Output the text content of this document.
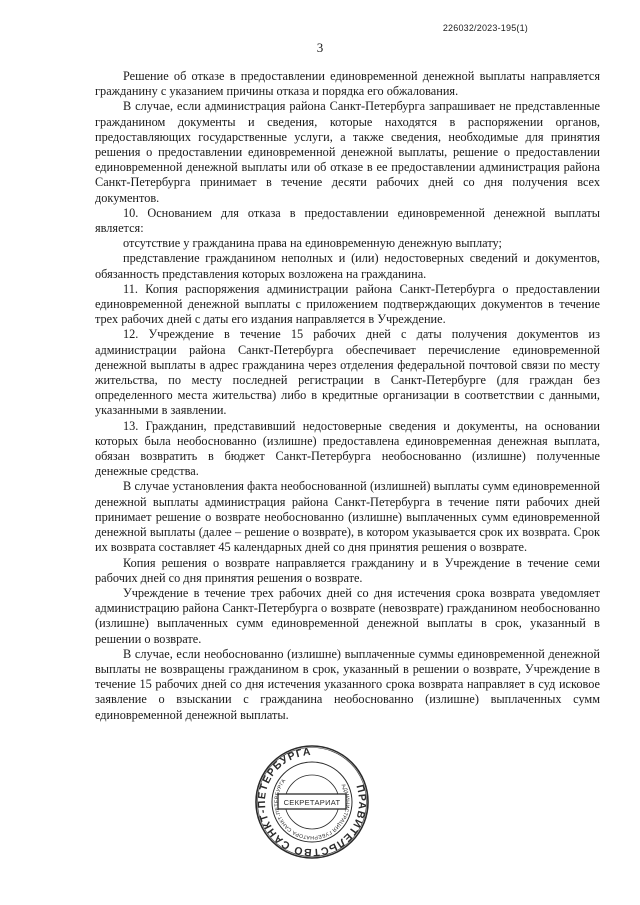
226032/2023-195(1)
3

Решение об отказе в предоставлении единовременной денежной выплаты направляется гражданину с указанием причины отказа и порядка его обжалования.

В случае, если администрация района Санкт-Петербурга запрашивает не представленные гражданином документы и сведения, которые находятся в распоряжении органов, предоставляющих государственные услуги, а также сведения, необходимые для принятия решения о предоставлении единовременной денежной выплаты, решение о предоставлении единовременной денежной выплаты или об отказе в ее предоставлении администрация района Санкт-Петербурга принимает в течение десяти рабочих дней со дня получения всех документов.

10. Основанием для отказа в предоставлении единовременной денежной выплаты является:

отсутствие у гражданина права на единовременную денежную выплату;

представление гражданином неполных и (или) недостоверных сведений и документов, обязанность представления которых возложена на гражданина.

11. Копия распоряжения администрации района Санкт-Петербурга о предоставлении единовременной денежной выплаты с приложением подтверждающих документов в течение трех рабочих дней с даты его издания направляется в Учреждение.

12. Учреждение в течение 15 рабочих дней с даты получения документов из администрации района Санкт-Петербурга обеспечивает перечисление единовременной денежной выплаты в адрес гражданина через отделения федеральной почтовой связи по месту жительства, по месту последней регистрации в Санкт-Петербурге (для граждан без определенного места жительства) либо в кредитные организации в соответствии с данными, указанными в заявлении.

13. Гражданин, представивший недостоверные сведения и документы, на основании которых была необоснованно (излишне) предоставлена единовременная денежная выплата, обязан возвратить в бюджет Санкт-Петербурга необоснованно (излишне) полученные денежные средства.

В случае установления факта необоснованной (излишней) выплаты сумм единовременной денежной выплаты администрация района Санкт-Петербурга в течение пяти рабочих дней принимает решение о возврате необоснованно (излишне) выплаченных сумм единовременной денежной выплаты (далее – решение о возврате), в котором указывается срок их возврата. Срок их возврата составляет 45 календарных дней со дня принятия решения о возврате.

Копия решения о возврате направляется гражданину и в Учреждение в течение семи рабочих дней со дня принятия решения о возврате.

Учреждение в течение трех рабочих дней со дня истечения срока возврата уведомляет администрацию района Санкт-Петербурга о возврате (невозврате) гражданином необоснованно (излишне) выплаченных сумм единовременной денежной выплаты в срок, указанный в решении о возврате.

В случае, если необоснованно (излишне) выплаченные суммы единовременной денежной выплаты не возвращены гражданином в срок, указанный в решении о возврате, Учреждение в течение 15 рабочих дней со дня истечения указанного срока возврата направляет в суд исковое заявление о взыскании с гражданина необоснованно (излишне) выплаченных сумм единовременной денежной выплаты.

ПРАВИТЕЛЬСТВО САНКТ-ПЕТЕРБУРГА
АДМИНИСТРАЦИЯ ГУБЕРНАТОРА САНКТ-ПЕТЕРБУРГА
СЕКРЕТАРИАТ
